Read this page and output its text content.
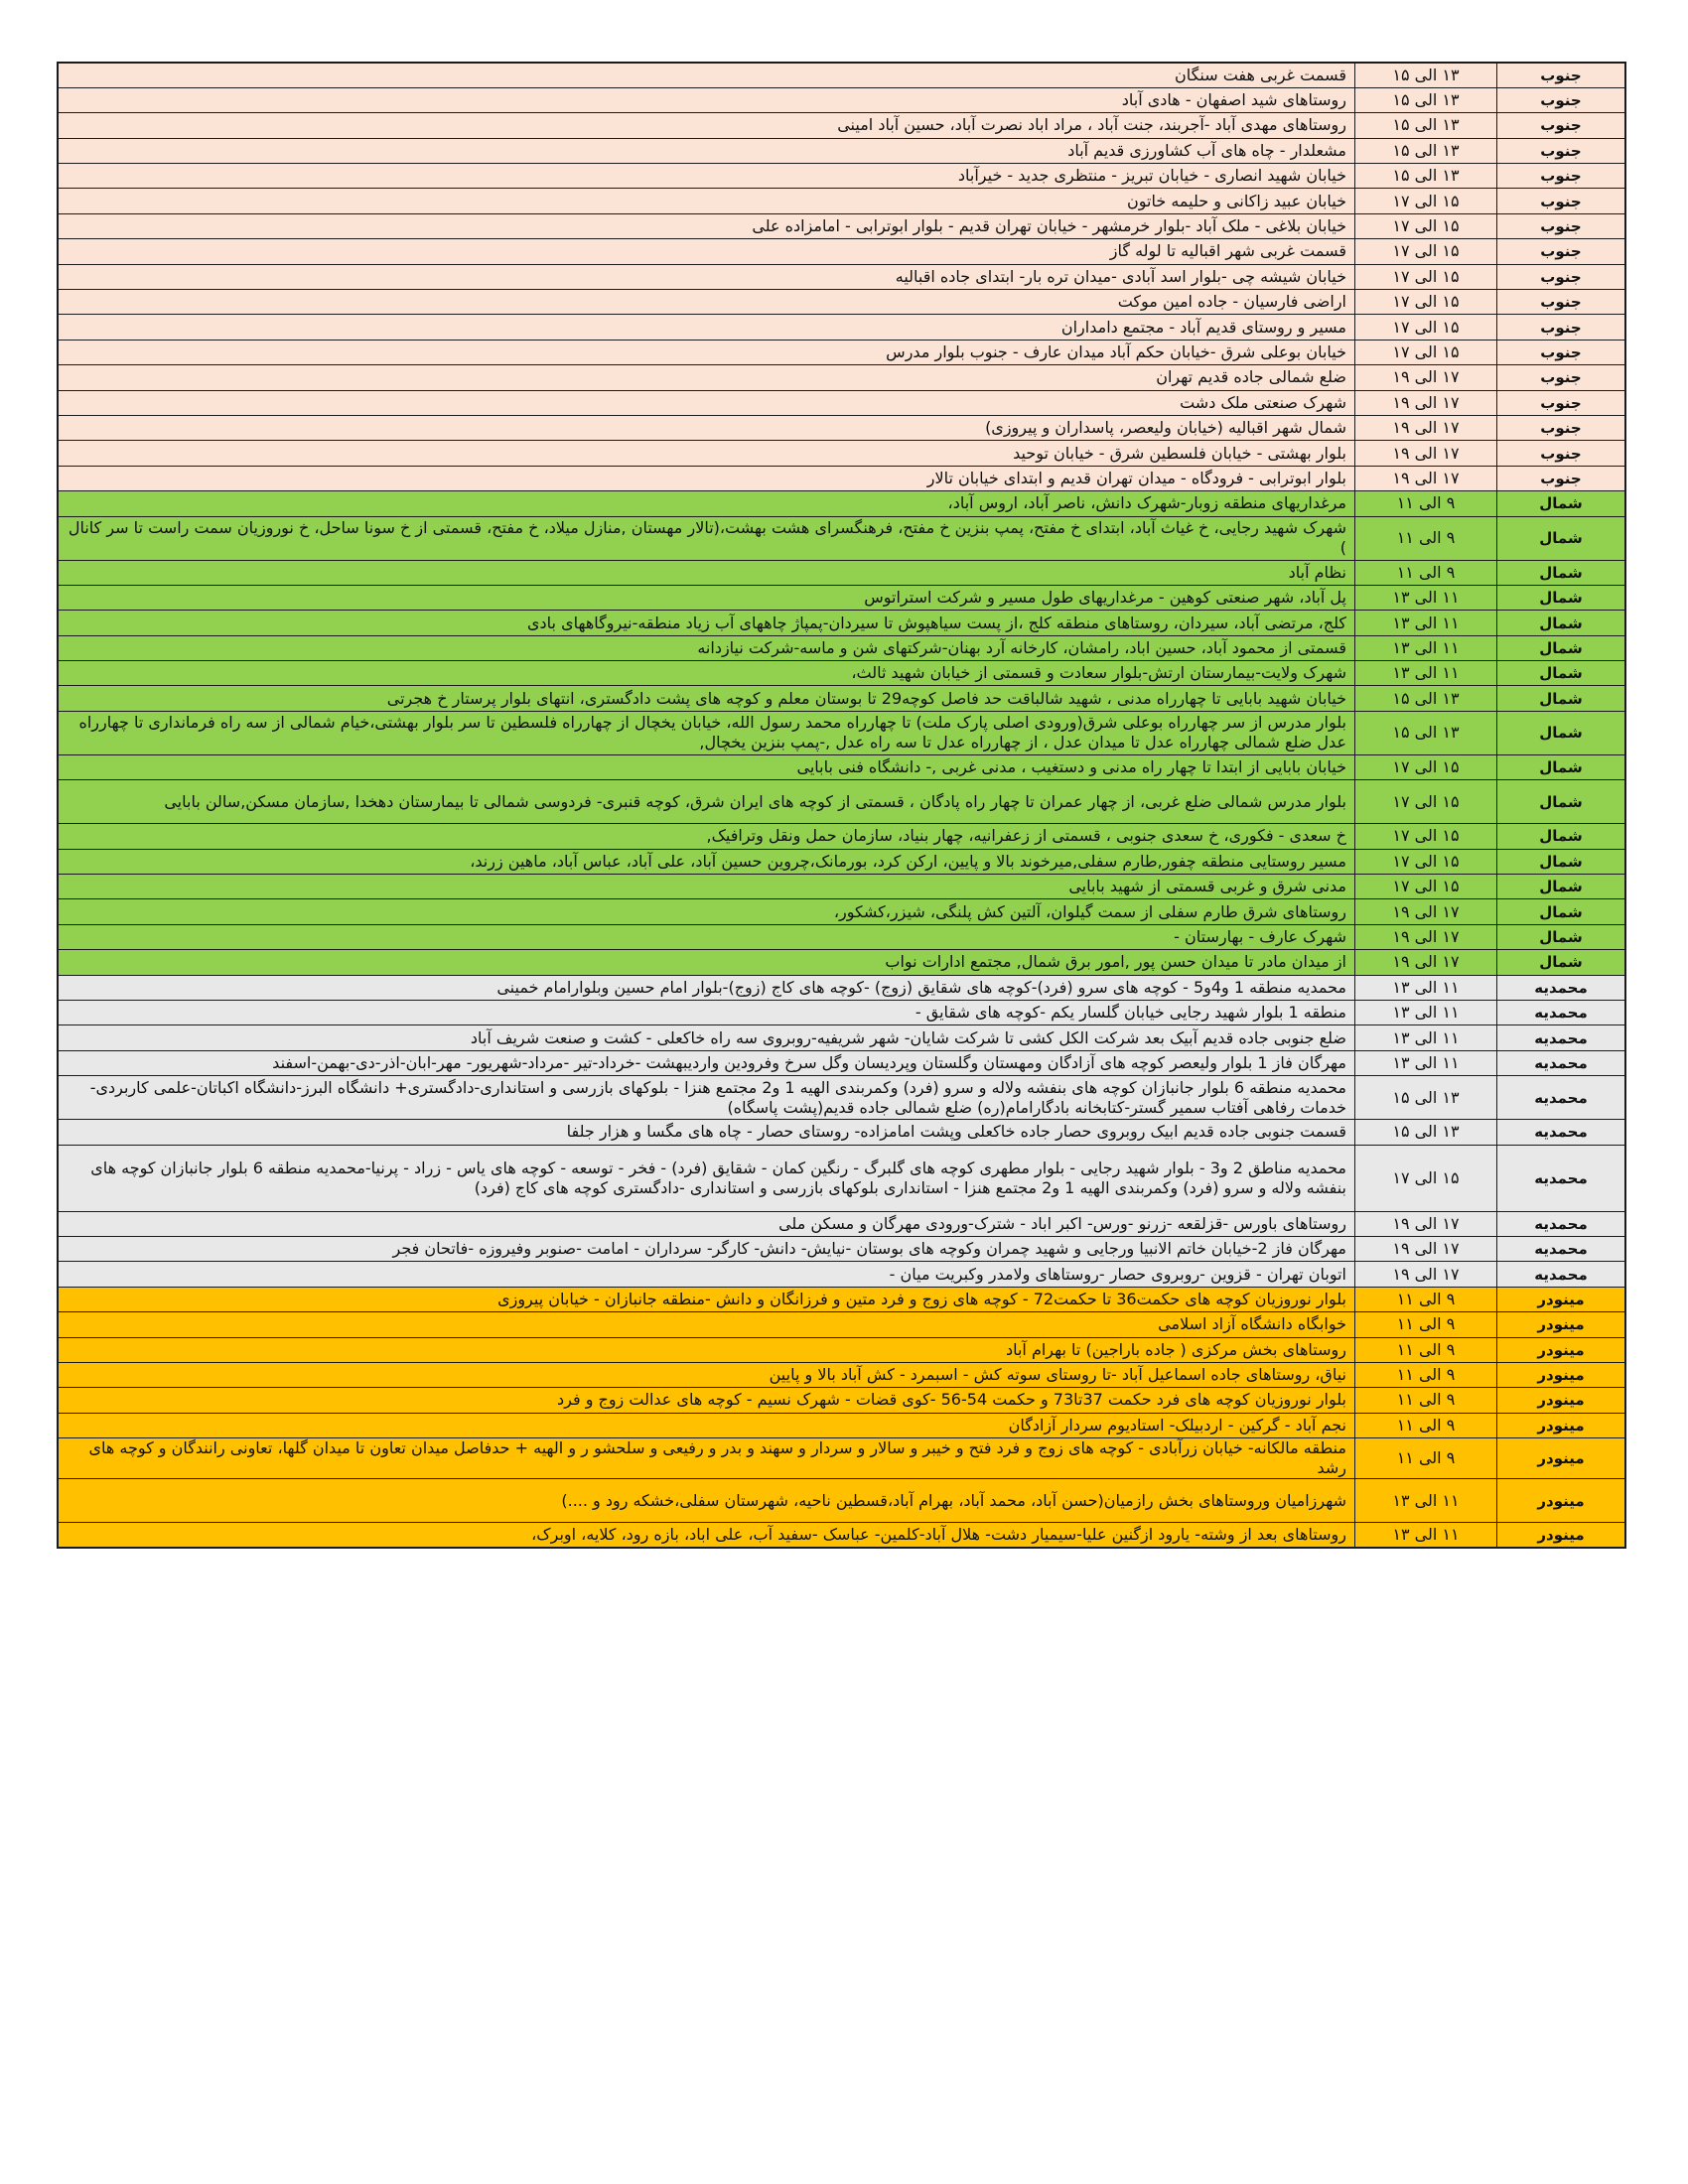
جنوب	۱۳ الی ۱۵	قسمت غربی هفت سنگان
جنوب	۱۳ الی ۱۵	روستاهای شید اصفهان - هادی آباد
جنوب	۱۳ الی ۱۵	روستاهای مهدی آباد -آجربند، جنت آباد ، مراد اباد نصرت آباد، حسین آباد امینی
جنوب	۱۳ الی ۱۵	مشعلدار - چاه های آب کشاورزی قدیم آباد
جنوب	۱۳ الی ۱۵	خیابان شهید انصاری - خیابان تبریز - منتظری جدید - خیرآباد
جنوب	۱۵ الی ۱۷	خیابان عبید زاکانی و حلیمه خاتون
جنوب	۱۵ الی ۱۷	خیابان بلاغی - ملک آباد -بلوار خرمشهر - خیابان تهران قدیم - بلوار ابوترابی - امامزاده علی
جنوب	۱۵ الی ۱۷	قسمت غربی شهر اقبالیه تا لوله گاز
جنوب	۱۵ الی ۱۷	خیابان شیشه چی -بلوار اسد آبادی -میدان تره بار- ابتدای جاده اقبالیه
جنوب	۱۵ الی ۱۷	اراضی فارسیان - جاده امین موکت
جنوب	۱۵ الی ۱۷	مسیر و روستای قدیم آباد - مجتمع دامداران
جنوب	۱۵ الی ۱۷	خیابان بوعلی شرق -خیابان حکم آباد میدان عارف - جنوب بلوار مدرس
جنوب	۱۷ الی ۱۹	ضلع شمالی جاده قدیم تهران
جنوب	۱۷ الی ۱۹	شهرک صنعتی ملک دشت
جنوب	۱۷ الی ۱۹	شمال شهر اقبالیه (خیابان ولیعصر، پاسداران و پیروزی)
جنوب	۱۷ الی ۱۹	بلوار بهشتی - خیابان فلسطین شرق - خیابان توحید
جنوب	۱۷ الی ۱۹	بلوار ابوترابی - فرودگاه - میدان تهران قدیم و ابتدای خیابان تالار
شمال	۹ الی ۱۱	مرغداریهای منطقه زوبار-شهرک دانش، ناصر آباد، اروس آباد،
شمال	۹ الی ۱۱	شهرک شهید رجایی، خ غیاث آباد، ابتدای خ مفتح، پمپ بنزین خ مفتح، فرهنگسرای هشت بهشت،(تالار مهستان ,منازل میلاد، خ مفتح، قسمتی از خ سونا ساحل، خ نوروزیان سمت راست تا سر کانال )
شمال	۹ الی ۱۱	نظام آباد
شمال	۱۱ الی ۱۳	پل آباد، شهر صنعتی کوهین - مرغداریهای طول مسیر و شرکت استراتوس
شمال	۱۱ الی ۱۳	کلج، مرتضی آباد، سیردان، روستاهای منطقه کلج ،از پست سیاهپوش تا سیردان-پمپاژ چاههای آب زیاد منطقه-نیروگاههای بادی
شمال	۱۱ الی ۱۳	قسمتی از محمود آباد، حسین اباد، رامشان، کارخانه آرد بهنان-شرکتهای شن و ماسه-شرکت نیازدانه
شمال	۱۱ الی ۱۳	شهرک ولایت-بیمارستان ارتش-بلوار سعادت و قسمتی از خیابان شهید ثالث،
شمال	۱۳ الی ۱۵	خیابان شهید بابایی تا چهارراه مدنی ، شهید شالباقت حد فاصل کوچه29 تا بوستان معلم و کوچه های پشت دادگستری، انتهای بلوار پرستار خ هجرتی
شمال	۱۳ الی ۱۵	بلوار مدرس از سر چهارراه بوعلی شرق(ورودی اصلی پارک ملت) تا چهارراه محمد رسول الله، خیابان یخچال از چهارراه فلسطین تا سر بلوار بهشتی،خیام شمالی از سه راه فرمانداری تا چهارراه عدل ضلع شمالی چهارراه عدل تا میدان عدل ، از چهارراه عدل تا سه راه عدل ,-پمپ بنزین یخچال,
شمال	۱۵ الی ۱۷	خیابان بابایی از ابتدا تا چهار راه مدنی و دستغیب ، مدنی غربی ,- دانشگاه فنی بابایی
شمال	۱۵ الی ۱۷	بلوار مدرس شمالی ضلع غربی، از چهار عمران تا چهار راه پادگان ، قسمتی از کوچه های ایران شرق، کوچه قنبری- فردوسی شمالی تا بیمارستان دهخدا ,سازمان مسکن,سالن بابایی
شمال	۱۵ الی ۱۷	خ سعدی - فکوری، خ سعدی جنوبی ، قسمتی از زعفرانیه، چهار بنیاد، سازمان حمل ونقل وترافیک,
شمال	۱۵ الی ۱۷	مسیر روستایی منطقه چفور,طارم سفلی,میرخوند بالا و پایین، ارکن کرد، بورمانک،چروین حسین آباد، علی آباد، عباس آباد، ماهین زرند،
شمال	۱۵ الی ۱۷	مدنی شرق و غربی قسمتی از شهید بابایی
شمال	۱۷ الی ۱۹	روستاهای شرق طارم سفلی از سمت گیلوان، آلتین کش پلنگی، شیزر،کشکور،
شمال	۱۷ الی ۱۹	شهرک عارف - بهارستان -
شمال	۱۷ الی ۱۹	از میدان مادر تا میدان حسن پور ,امور برق شمال, مجتمع ادارات نواب
محمدیه	۱۱ الی ۱۳	محمدیه منطقه 1 و4و5 - کوچه های سرو (فرد)-کوچه های شقایق (زوج) -کوچه های کاج (زوج)-بلوار امام حسین وبلواراما‌م خمینی
محمدیه	۱۱ الی ۱۳	منطقه 1 بلوار شهید رجایی خیابان گلسار یکم -کوچه های شقایق -
محمدیه	۱۱ الی ۱۳	ضلع جنوبی جاده قدیم آبیک بعد شرکت الکل کشی تا شرکت شایان- شهر شریفیه-روبروی سه راه خاکعلی - کشت و صنعت شریف آباد
محمدیه	۱۱ الی ۱۳	مهرگان فاز 1 بلوار ولیعصر کوچه های آزادگان ومهستان وگلستان وپردیسان وگل سرخ وفرودین واردیبهشت -خرداد-تیر -مرداد-شهریور- مهر-ابان-اذر-دی-بهمن-اسفند
محمدیه	۱۳ الی ۱۵	محمدیه منطقه 6 بلوار جانبازان کوچه های بنفشه ولاله و سرو (فرد) وکمربندی الهیه 1 و2 مجتمع هنزا - بلوکهای بازرسی و استانداری-دادگستری+ دانشگاه البرز-دانشگاه اکباتان-علمی کاربردی-خدمات رفاهی آفتاب سمیر گستر-کتابخانه بادگارامام(ره) ضلع شمالی جاده قدیم(پشت پاسگاه)
محمدیه	۱۳ الی ۱۵	قسمت جنوبی جاده قدیم ابیک روبروی حصار جاده خاکعلی وپشت امامزاده- روستای حصار - چاه های مگسا و هزار جلفا
محمدیه	۱۵ الی ۱۷	محمدیه مناطق 2 و3 - بلوار شهید رجایی - بلوار مطهری کوچه های گلبرگ - رنگین کمان - شقایق (فرد) - فخر - توسعه - کوچه های یاس - زراد - پرنیا-محمدیه منطقه 6 بلوار جانبازان کوچه های بنفشه ولاله و سرو (فرد) وکمربندی الهیه 1 و2 مجتمع هنزا - استانداری بلوکهای بازرسی و استانداری -دادگستری کوچه های کاج (فرد)
محمدیه	۱۷ الی ۱۹	روستاهای باورس -قزلقعه -زرنو -ورس- اکبر اباد - شترک-ورودی مهرگان و مسکن ملی
محمدیه	۱۷ الی ۱۹	مهرگان فاز 2-خیابان خاتم الانبیا ورجایی و شهید چمران وکوچه های بوستان -نیایش- دانش- کارگر- سرداران - امامت -صنوبر وفیروزه -فاتحان فجر
محمدیه	۱۷ الی ۱۹	اتوبان تهران - قزوین -روبروی حصار -روستاهای ولامدر وکبریت میان -
مینودر	۹ الی ۱۱	بلوار نوروزیان کوچه های حکمت36 تا حکمت72 - کوچه های زوج و فرد متین و فرزانگان و دانش -منطقه جانبازان - خیابان پیروزی
مینودر	۹ الی ۱۱	خوابگاه دانشگاه آزاد اسلامی
مینودر	۹ الی ۱۱	روستاهای بخش مرکزی ( جاده باراجین) تا بهرام آباد
مینودر	۹ الی ۱۱	نیاق، روستاهای جاده اسماعیل آباد -تا روستای سوته کش - اسبمرد - کش آباد بالا و پایین
مینودر	۹ الی ۱۱	بلوار نوروزیان کوچه های فرد حکمت 37تا73 و حکمت 54-56 -کوی قضات - شهرک نسیم - کوچه های عدالت زوج و فرد
مینودر	۹ الی ۱۱	نجم آباد - گرکین - اردبیلک- استادیوم سردار آزادگان
مینودر	۹ الی ۱۱	منطقه مالکانه- خیابان زرآبادی - کوچه های زوج و فرد فتح و خیبر و سالار و سردار و سهند و بدر و رفیعی و سلحشو ر و الهیه + حدفاصل میدان تعاون تا میدان گلها، تعاونی رانندگان و کوچه های رشد
مینودر	۱۱ الی ۱۳	شهرزامیان وروستاهای بخش رازمیان(حسن آباد، محمد آباد، بهرام آباد،قسطین ناحیه، شهرستان سفلی،خشکه رود و ....)
مینودر	۱۱ الی ۱۳	روستاهای بعد از وشته- یارود ازگنین علیا-سیمیار دشت- هلال آباد-کلمین- عباسک -سفید آب، علی اباد، بازه رود، کلایه، اوبرک،
